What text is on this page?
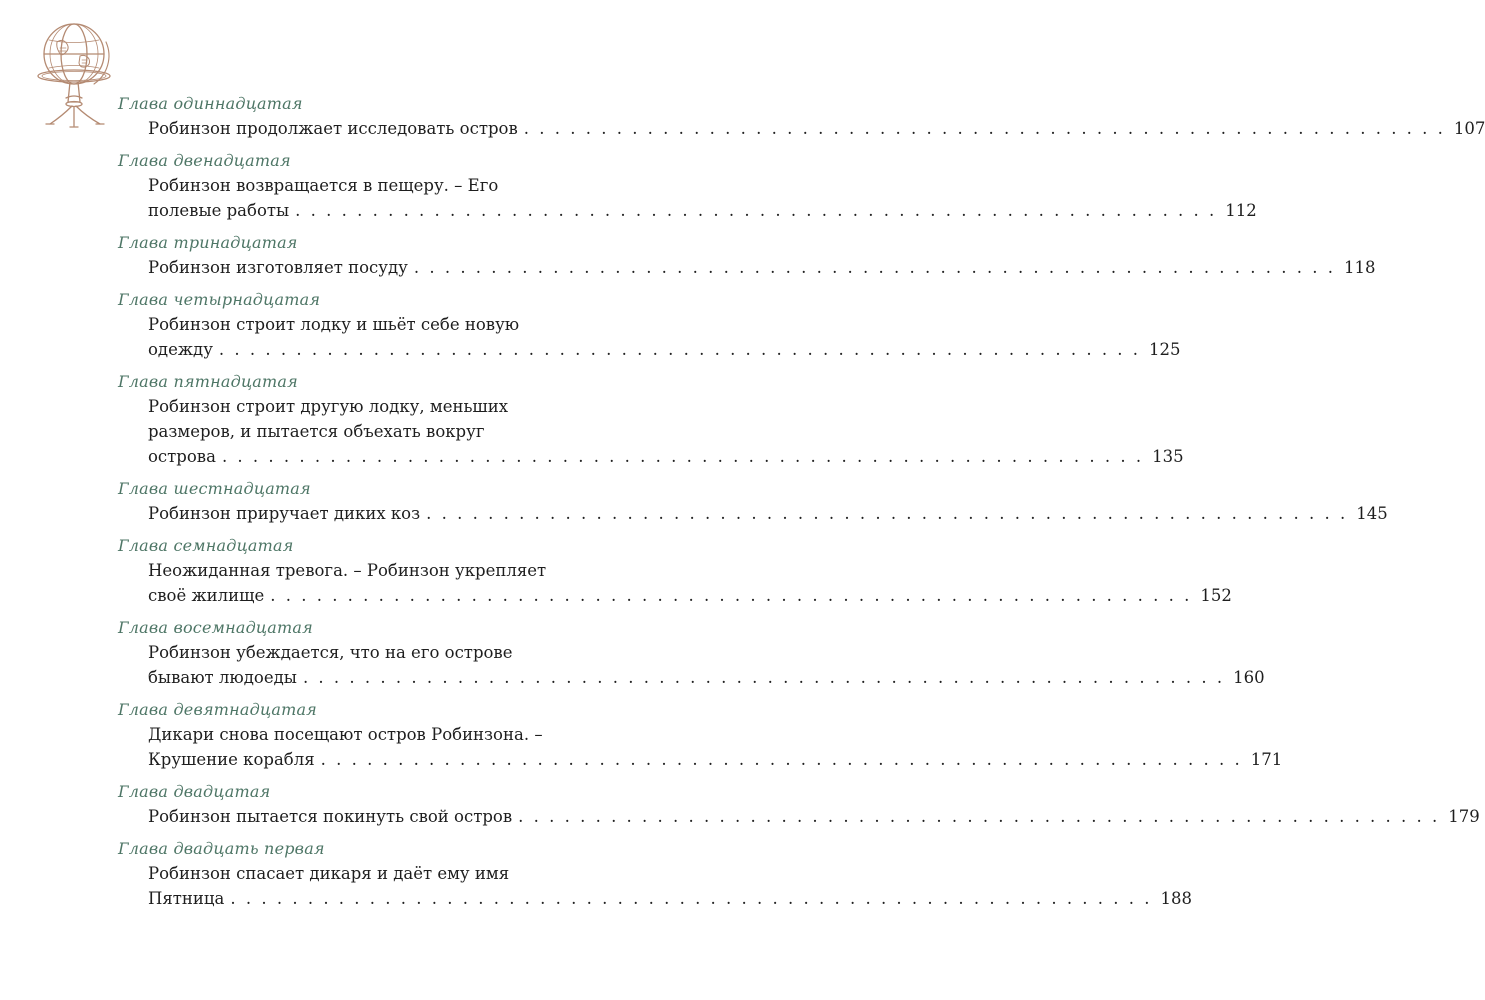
Глава одиннадцатая
Робинзон продолжает исследовать остров . . . . . . . . . . . . . . . . . . . . . . . . . . . . . . . . . . . . . . . . . . . . . . . . . . . . . . . . . . . . 107
Глава двенадцатая
Робинзон возвращается в пещеру. – Его
полевые работы . . . . . . . . . . . . . . . . . . . . . . . . . . . . . . . . . . . . . . . . . . . . . . . . . . . . . . . . . . . . 112
Глава тринадцатая
Робинзон изготовляет посуду . . . . . . . . . . . . . . . . . . . . . . . . . . . . . . . . . . . . . . . . . . . . . . . . . . . . . . . . . . . . 118
Глава четырнадцатая
Робинзон строит лодку и шьёт себе новую
одежду . . . . . . . . . . . . . . . . . . . . . . . . . . . . . . . . . . . . . . . . . . . . . . . . . . . . . . . . . . . . 125
Глава пятнадцатая
Робинзон строит другую лодку, меньших
размеров, и пытается объехать вокруг
острова . . . . . . . . . . . . . . . . . . . . . . . . . . . . . . . . . . . . . . . . . . . . . . . . . . . . . . . . . . . . 135
Глава шестнадцатая
Робинзон приручает диких коз . . . . . . . . . . . . . . . . . . . . . . . . . . . . . . . . . . . . . . . . . . . . . . . . . . . . . . . . . . . . 145
Глава семнадцатая
Неожиданная тревога. – Робинзон укрепляет
своё жилище . . . . . . . . . . . . . . . . . . . . . . . . . . . . . . . . . . . . . . . . . . . . . . . . . . . . . . . . . . . . 152
Глава восемнадцатая
Робинзон убеждается, что на его острове
бывают людоеды . . . . . . . . . . . . . . . . . . . . . . . . . . . . . . . . . . . . . . . . . . . . . . . . . . . . . . . . . . . . 160
Глава девятнадцатая
Дикари снова посещают остров Робинзона. –
Крушение корабля . . . . . . . . . . . . . . . . . . . . . . . . . . . . . . . . . . . . . . . . . . . . . . . . . . . . . . . . . . . . 171
Глава двадцатая
Робинзон пытается покинуть свой остров . . . . . . . . . . . . . . . . . . . . . . . . . . . . . . . . . . . . . . . . . . . . . . . . . . . . . . . . . . . . 179
Глава двадцать первая
Робинзон спасает дикаря и даёт ему имя
Пятница . . . . . . . . . . . . . . . . . . . . . . . . . . . . . . . . . . . . . . . . . . . . . . . . . . . . . . . . . . . . 188
